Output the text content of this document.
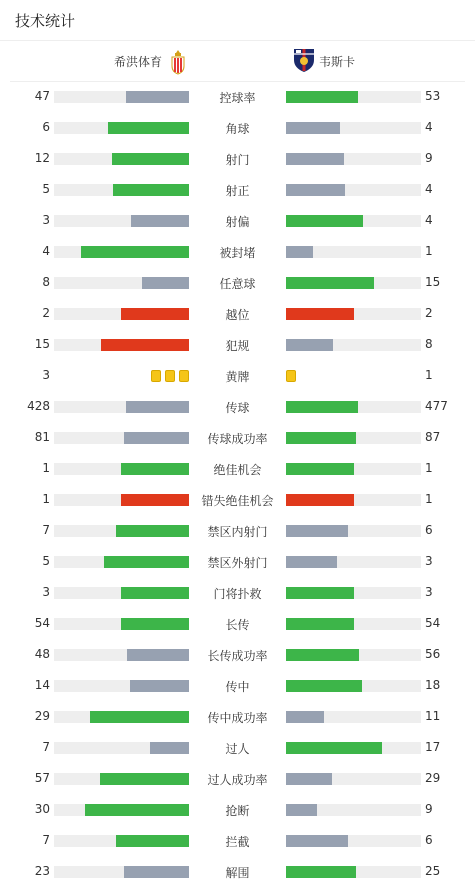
技术统计
希洪体育	韦斯卡
47	控球率	53
6	角球	4
12	射门	9
5	射正	4
3	射偏	4
4	被封堵	1
8	任意球	15
2	越位	2
15	犯规	8
3	黄牌	1
428	传球	477
81	传球成功率	87
1	绝佳机会	1
1	错失绝佳机会	1
7	禁区内射门	6
5	禁区外射门	3
3	门将扑救	3
54	长传	54
48	长传成功率	56
14	传中	18
29	传中成功率	11
7	过人	17
57	过人成功率	29
30	抢断	9
7	拦截	6
23	解围	25
